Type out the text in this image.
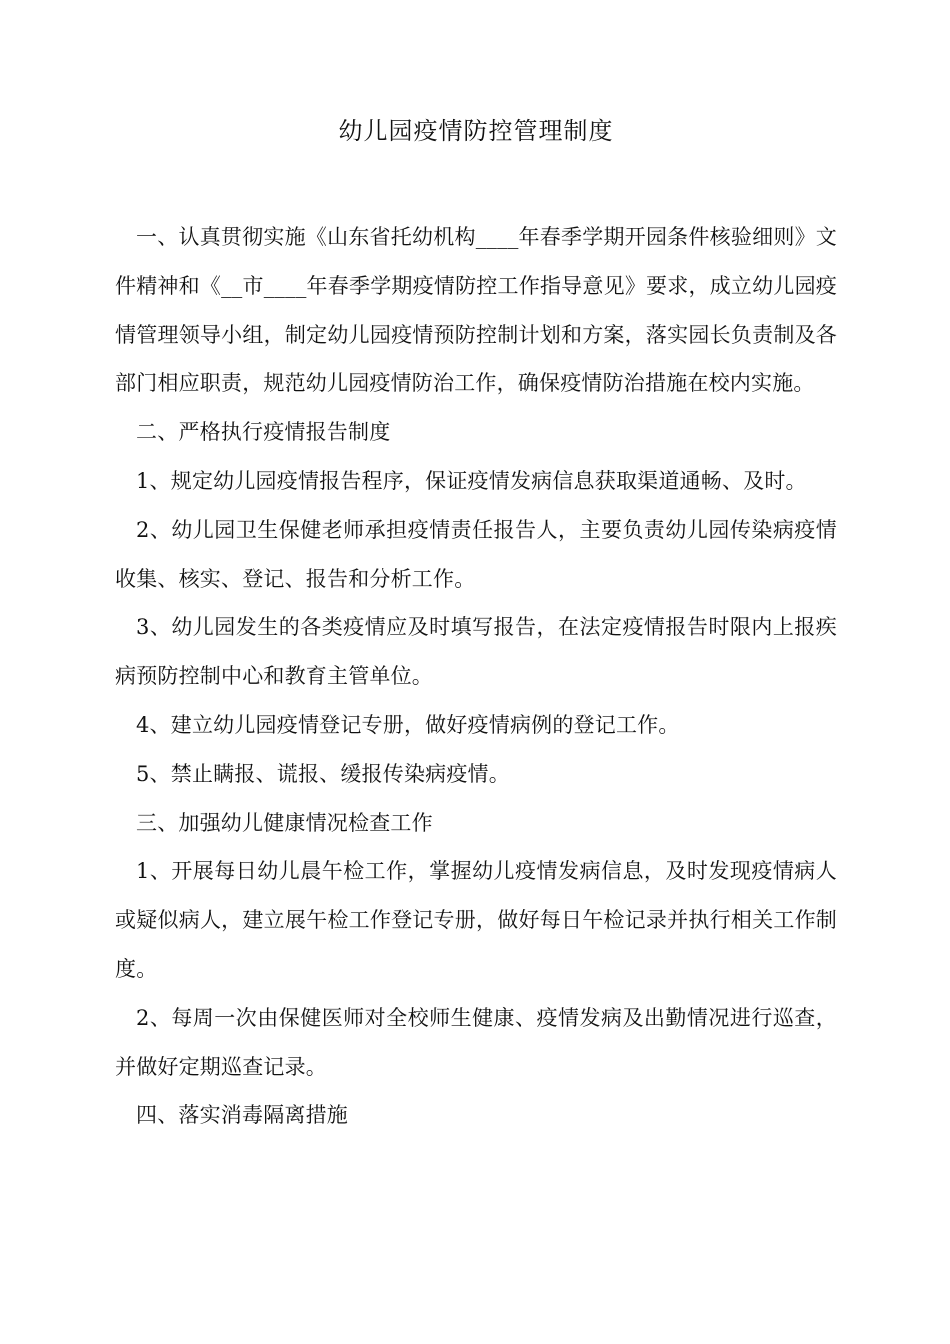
幼儿园疫情防控管理制度

一、认真贯彻实施《山东省托幼机构____年春季学期开园条件核验细则》文件精神和《__市____年春季学期疫情防控工作指导意见》要求，成立幼儿园疫情管理领导小组，制定幼儿园疫情预防控制计划和方案，落实园长负责制及各部门相应职责，规范幼儿园疫情防治工作，确保疫情防治措施在校内实施。

二、严格执行疫情报告制度

1、规定幼儿园疫情报告程序，保证疫情发病信息获取渠道通畅、及时。

2、幼儿园卫生保健老师承担疫情责任报告人，主要负责幼儿园传染病疫情收集、核实、登记、报告和分析工作。

3、幼儿园发生的各类疫情应及时填写报告，在法定疫情报告时限内上报疾病预防控制中心和教育主管单位。

4、建立幼儿园疫情登记专册，做好疫情病例的登记工作。

5、禁止瞒报、谎报、缓报传染病疫情。

三、加强幼儿健康情况检查工作

1、开展每日幼儿晨午检工作，掌握幼儿疫情发病信息，及时发现疫情病人或疑似病人，建立展午检工作登记专册，做好每日午检记录并执行相关工作制度。

2、每周一次由保健医师对全校师生健康、疫情发病及出勤情况进行巡查，并做好定期巡查记录。

四、落实消毒隔离措施
